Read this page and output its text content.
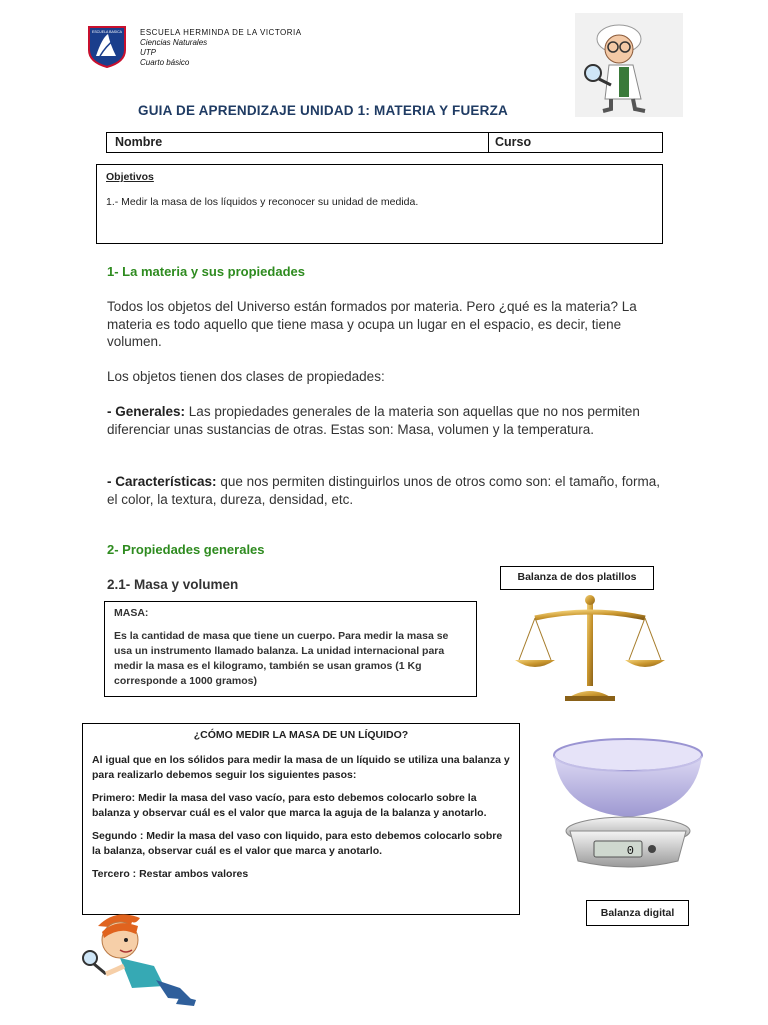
ESCUELA BASICA ESCUELA HERMINDA DE LA VICTORIA
Ciencias Naturales
UTP
Cuarto básico
GUIA DE APRENDIZAJE UNIDAD 1: MATERIA Y FUERZA
Nombre	Curso
Objetivos
1.- Medir la masa de los líquidos y reconocer su unidad de medida.
1- La materia y sus propiedades
Todos los objetos del Universo están formados por materia. Pero ¿qué es la materia? La materia es todo aquello que tiene masa y ocupa un lugar en el espacio, es decir, tiene volumen.
Los objetos tienen dos clases de propiedades:
- Generales: Las propiedades generales de la materia son aquellas que no nos permiten diferenciar unas sustancias de otras. Estas son: Masa, volumen y la temperatura.
- Características: que nos permiten distinguirlos unos de otros como son: el tamaño, forma, el color, la textura, dureza, densidad, etc.
2- Propiedades generales
2.1- Masa y volumen	Balanza de dos platillos
MASA:
Es la cantidad de masa que tiene un cuerpo. Para medir la masa se usa un instrumento llamado balanza. La unidad internacional para medir la masa es el kilogramo, también se usan gramos (1 Kg corresponde a 1000 gramos)
¿CÓMO MEDIR LA MASA DE UN LÍQUIDO?

Al igual que en los sólidos para medir la masa de un líquido se utiliza una balanza y para realizarlo debemos seguir los siguientes pasos:

Primero: Medir la masa del vaso vacío, para esto debemos colocarlo sobre la balanza y observar cuál es el valor que marca la aguja de la balanza y anotarlo.

Segundo : Medir la masa del vaso con liquido, para esto debemos colocarlo sobre la balanza, observar cuál es el valor que marca y anotarlo.

Tercero : Restar ambos valores

0
Balanza digital
